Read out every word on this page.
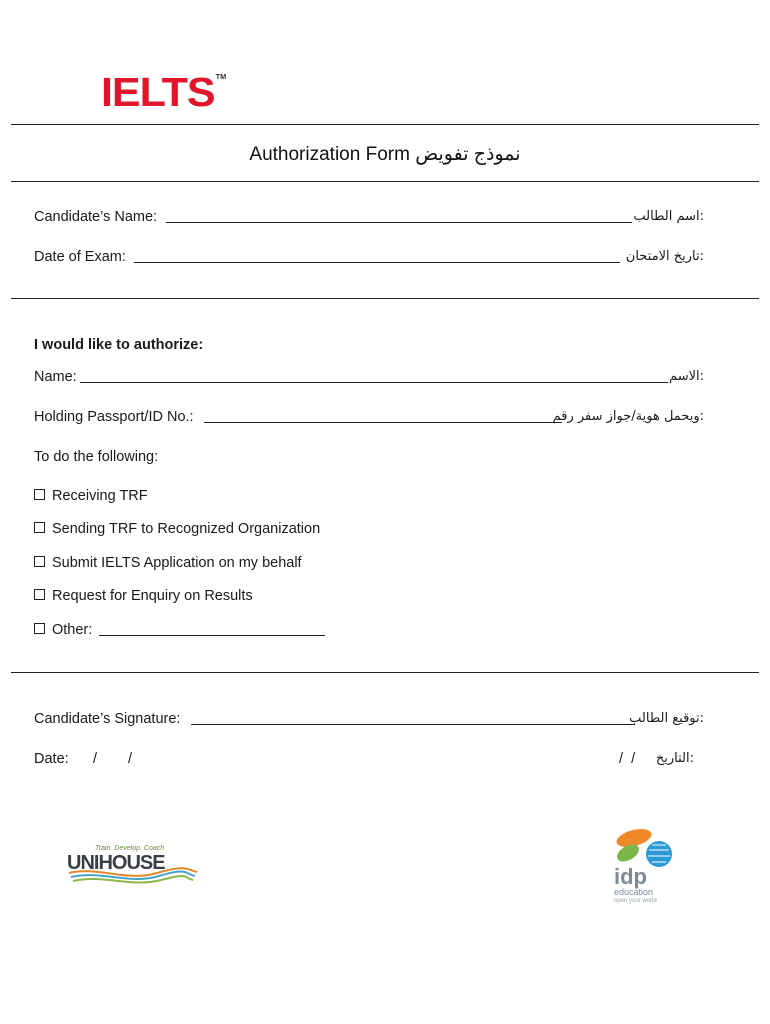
IELTS™
Authorization Form نموذج تفويض
Candidate’s Name:	:اسم الطالب
Date of Exam:	:تاريخ الامتحان
I would like to authorize:
Name:	:الاسم
Holding Passport/ID No.:	:ويحمل هوية/جواز سفر رقم
To do the following:
Receiving TRF
Sending TRF to Recognized Organization
Submit IELTS Application on my behalf
Request for Enquiry on Results
Other:
Candidate’s Signature:	:توقيع الطالب
Date: / /	/  / :التاريخ
Train. Develop. Coach
UNIHOUSE
idp
education
open your world
